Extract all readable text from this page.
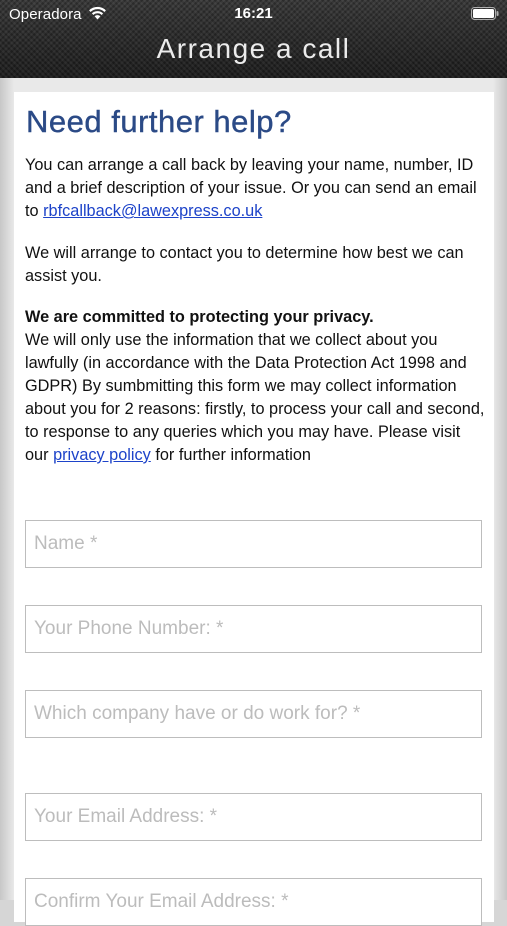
Operadora	16:21
Arrange a call
Need further help?

You can arrange a call back by leaving your name, number, ID and a brief description of your issue. Or you can send an email to rbfcallback@lawexpress.co.uk

We will arrange to contact you to determine how best we can assist you.

We are committed to protecting your privacy.
We will only use the information that we collect about you lawfully (in accordance with the Data Protection Act 1998 and GDPR) By sumbmitting this form we may collect information about you for 2 reasons: firstly, to process your call and second, to response to any queries which you may have. Please visit our privacy policy for further information

Name *
Your Phone Number: *
Which company have or do work for? *
Your Email Address: *
Confirm Your Email Address: *
